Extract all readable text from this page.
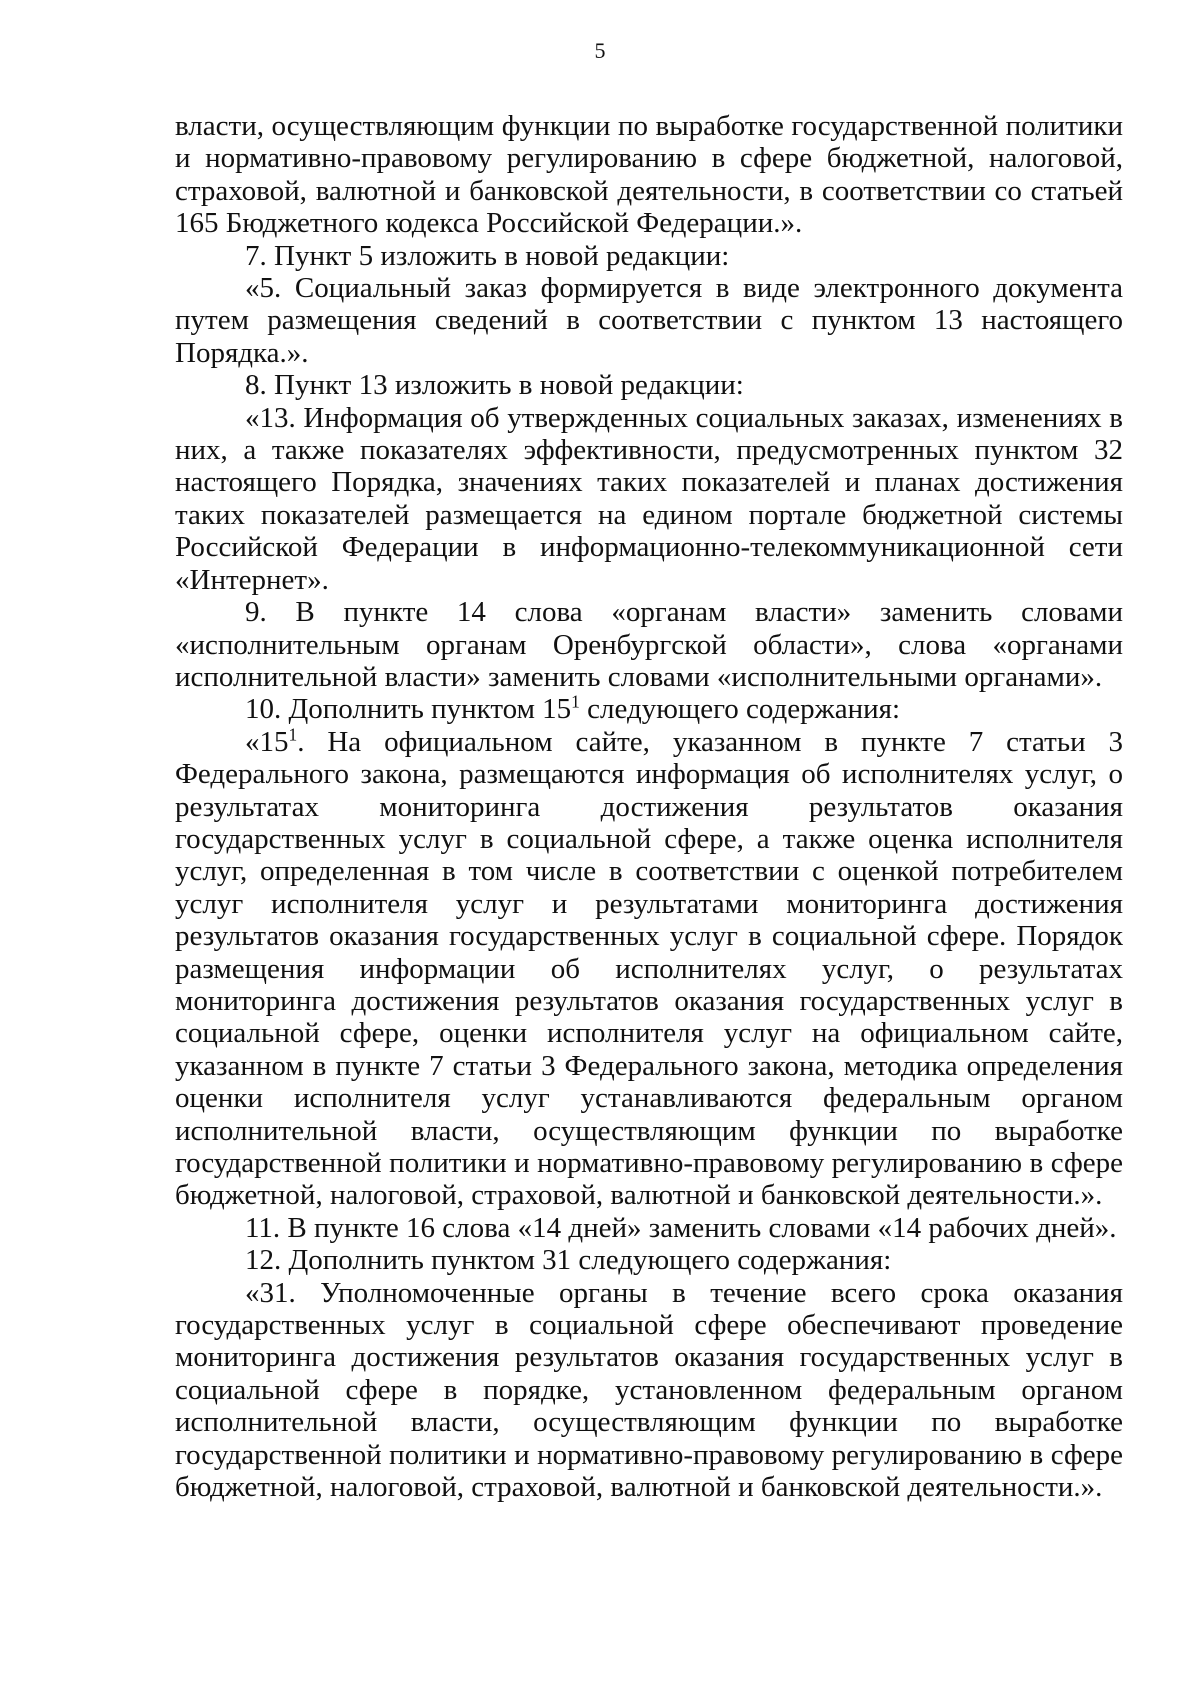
5

власти, осуществляющим функции по выработке государственной политики и нормативно-правовому регулированию в сфере бюджетной, налоговой, страховой, валютной и банковской деятельности, в соответствии со статьей 165 Бюджетного кодекса Российской Федерации.».

7. Пункт 5 изложить в новой редакции:

«5. Социальный заказ формируется в виде электронного документа путем размещения сведений в соответствии с пунктом 13 настоящего Порядка.».

8. Пункт 13 изложить в новой редакции:

«13. Информация об утвержденных социальных заказах, изменениях в них, а также показателях эффективности, предусмотренных пунктом 32 настоящего Порядка, значениях таких показателей и планах достижения таких показателей размещается на едином портале бюджетной системы Российской Федерации в информационно-телекоммуникационной сети «Интернет».

9. В пункте 14 слова «органам власти» заменить словами «исполнительным органам Оренбургской области», слова «органами исполнительной власти» заменить словами «исполнительными органами».

10. Дополнить пунктом $15^1$ следующего содержания:

«$15^1$. На официальном сайте, указанном в пункте 7 статьи 3 Федерального закона, размещаются информация об исполнителях услуг, о результатах мониторинга достижения результатов оказания государственных услуг в социальной сфере, а также оценка исполнителя услуг, определенная в том числе в соответствии с оценкой потребителем услуг исполнителя услуг и результатами мониторинга достижения результатов оказания государственных услуг в социальной сфере. Порядок размещения информации об исполнителях услуг, о результатах мониторинга достижения результатов оказания государственных услуг в социальной сфере, оценки исполнителя услуг на официальном сайте, указанном в пункте 7 статьи 3 Федерального закона, методика определения оценки исполнителя услуг устанавливаются федеральным органом исполнительной власти, осуществляющим функции по выработке государственной политики и нормативно-правовому регулированию в сфере бюджетной, налоговой, страховой, валютной и банковской деятельности.».

11. В пункте 16 слова «14 дней» заменить словами «14 рабочих дней».

12. Дополнить пунктом 31 следующего содержания:

«31. Уполномоченные органы в течение всего срока оказания государственных услуг в социальной сфере обеспечивают проведение мониторинга достижения результатов оказания государственных услуг в социальной сфере в порядке, установленном федеральным органом исполнительной власти, осуществляющим функции по выработке государственной политики и нормативно-правовому регулированию в сфере бюджетной, налоговой, страховой, валютной и банковской деятельности.».
